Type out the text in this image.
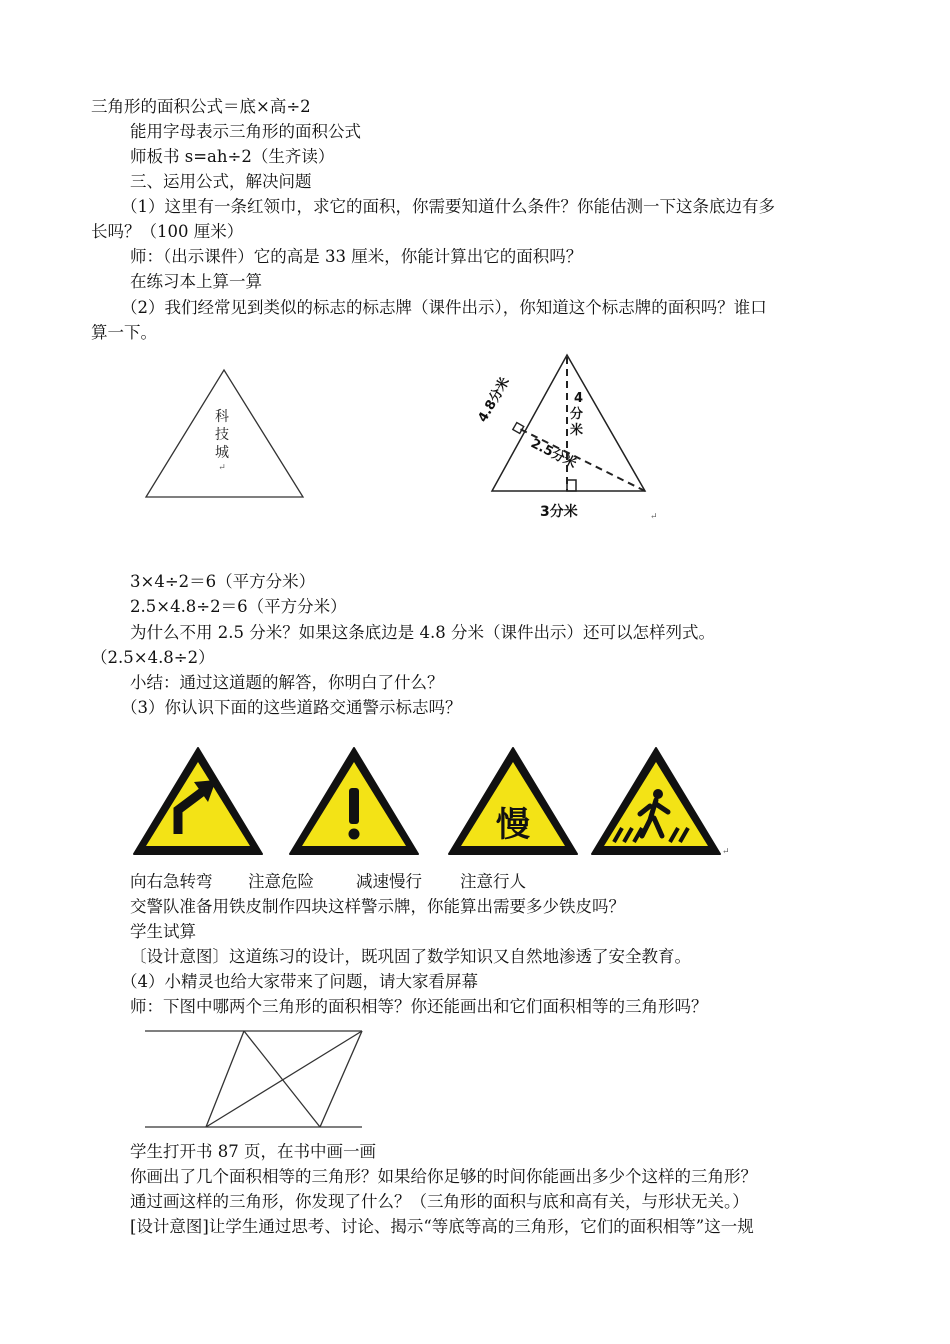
三角形的面积公式＝底×高÷2
能用字母表示三角形的面积公式
师板书 s=ah÷2（生齐读）
三、运用公式，解决问题
（1）这里有一条红领巾，求它的面积，你需要知道什么条件？你能估测一下这条底边有多
长吗？（100 厘米）
师：（出示课件）它的高是 33 厘米，你能计算出它的面积吗？
在练习本上算一算
（2）我们经常见到类似的标志的标志牌（课件出示），你知道这个标志牌的面积吗？谁口
算一下。
科
技
城
↵
4.8分米	4
分
米
2.5分米
3分米	↵
3×4÷2＝6（平方分米）
2.5×4.8÷2＝6（平方分米）
为什么不用 2.5 分米？如果这条底边是 4.8 分米（课件出示）还可以怎样列式。
（2.5×4.8÷2）
小结：通过这道题的解答，你明白了什么？
（3）你认识下面的这些道路交通警示标志吗？
慢
↵
向右急转弯 注意危险	减速慢行 注意行人
交警队准备用铁皮制作四块这样警示牌，你能算出需要多少铁皮吗？
学生试算
〔设计意图〕这道练习的设计，既巩固了数学知识又自然地渗透了安全教育。
（4）小精灵也给大家带来了问题，请大家看屏幕
师：下图中哪两个三角形的面积相等？你还能画出和它们面积相等的三角形吗？
学生打开书 87 页，在书中画一画
你画出了几个面积相等的三角形？如果给你足够的时间你能画出多少个这样的三角形？
通过画这样的三角形，你发现了什么？（三角形的面积与底和高有关，与形状无关。）
[设计意图]让学生通过思考、讨论、揭示“等底等高的三角形，它们的面积相等”这一规
